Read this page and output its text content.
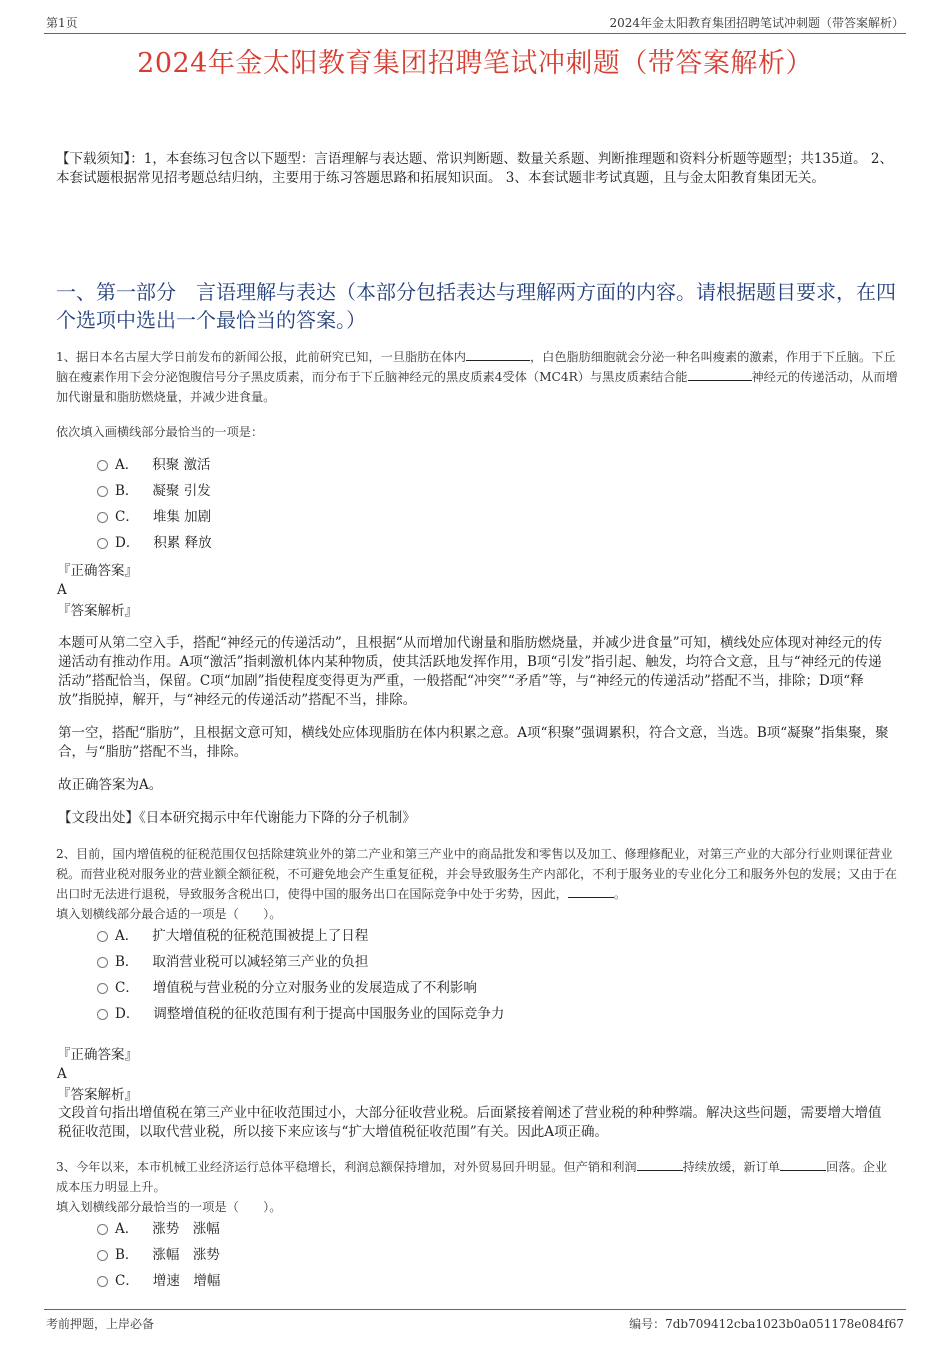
第1页	2024年金太阳教育集团招聘笔试冲刺题（带答案解析）
2024年金太阳教育集团招聘笔试冲刺题（带答案解析）
【下载须知】：1，本套练习包含以下题型：言语理解与表达题、常识判断题、数量关系题、判断推理题和资料分析题等题型；共135道。 2、本套试题根据常见招考题总结归纳，主要用于练习答题思路和拓展知识面。 3、本套试题非考试真题，且与金太阳教育集团无关。
一、第一部分　言语理解与表达（本部分包括表达与理解两方面的内容。请根据题目要求，在四个选项中选出一个最恰当的答案。）
1、据日本名古屋大学日前发布的新闻公报，此前研究已知，一旦脂肪在体内	，白色脂肪细胞就会分泌一种名叫瘦素的激素，作用于下丘脑。下丘脑在瘦素作用下会分泌饱腹信号分子黑皮质素，而分布于下丘脑神经元的黑皮质素4受体（MC4R）与黑皮质素结合能	神经元的传递活动，从而增加代谢量和脂肪燃烧量，并减少进食量。
依次填入画横线部分最恰当的一项是：
A． 积聚 激活
B． 凝聚 引发
C． 堆集 加剧
D． 积累 释放
『正确答案』
A
『答案解析』
本题可从第二空入手，搭配“神经元的传递活动”，且根据“从而增加代谢量和脂肪燃烧量，并减少进食量”可知，横线处应体现对神经元的传递活动有推动作用。A项“激活”指刺激机体内某种物质，使其活跃地发挥作用，B项“引发”指引起、触发，均符合文意，且与“神经元的传递活动”搭配恰当，保留。C项“加剧”指使程度变得更为严重，一般搭配“冲突”“矛盾”等，与“神经元的传递活动”搭配不当，排除；D项“释放”指脱掉，解开，与“神经元的传递活动”搭配不当，排除。
第一空，搭配“脂肪”，且根据文意可知，横线处应体现脂肪在体内积累之意。A项“积聚”强调累积，符合文意，当选。B项“凝聚”指集聚，聚合，与“脂肪”搭配不当，排除。
故正确答案为A。
【文段出处】《日本研究揭示中年代谢能力下降的分子机制》
2、目前，国内增值税的征税范围仅包括除建筑业外的第二产业和第三产业中的商品批发和零售以及加工、修理修配业，对第三产业的大部分行业则课征营业税。而营业税对服务业的营业额全额征税，不可避免地会产生重复征税，并会导致服务生产内部化，不利于服务业的专业化分工和服务外包的发展；又由于在出口时无法进行退税，导致服务含税出口，使得中国的服务出口在国际竞争中处于劣势，因此，	。
填入划横线部分最合适的一项是（　　）。
A． 扩大增值税的征税范围被提上了日程
B． 取消营业税可以减轻第三产业的负担
C． 增值税与营业税的分立对服务业的发展造成了不利影响
D． 调整增值税的征收范围有利于提高中国服务业的国际竞争力
『正确答案』
A
『答案解析』
文段首句指出增值税在第三产业中征收范围过小，大部分征收营业税。后面紧接着阐述了营业税的种种弊端。解决这些问题，需要增大增值税征收范围，以取代营业税，所以接下来应该与“扩大增值税征收范围”有关。因此A项正确。
3、今年以来，本市机械工业经济运行总体平稳增长，利润总额保持增加，对外贸易回升明显。但产销和利润	持续放缓，新订单	回落。企业成本压力明显上升。
填入划横线部分最恰当的一项是（　　）。
A． 涨势　涨幅
B． 涨幅　涨势
C． 增速　增幅
考前押题，上岸必备	编号：7db709412cba1023b0a051178e084f67
